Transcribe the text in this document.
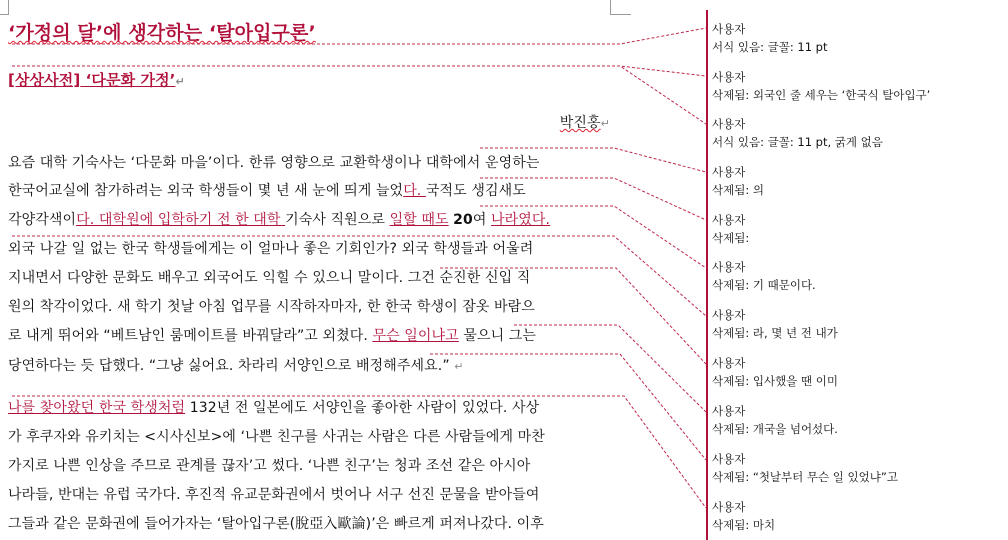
‘가정의 달’에 생각하는 ‘탈아입구론’
[상상사전] ‘다문화 가정’↵
박진홍↵
요즘 대학 기숙사는 ‘다문화 마을’이다. 한류 영향으로 교환학생이나 대학에서 운영하는
한국어교실에 참가하려는 외국 학생들이 몇 년 새 눈에 띄게 늘었다. 국적도 생김새도
각양각색이다. 대학원에 입학하기 전 한 대학 기숙사 직원으로 일할 때도 20여 나라였다.
외국 나갈 일 없는 한국 학생들에게는 이 얼마나 좋은 기회인가? 외국 학생들과 어울려
지내면서 다양한 문화도 배우고 외국어도 익힐 수 있으니 말이다. 그건 순진한 신입 직
원의 착각이었다. 새 학기 첫날 아침 업무를 시작하자마자, 한 한국 학생이 잠옷 바람으
로 내게 뛰어와 “베트남인 룸메이트를 바꿔달라”고 외쳤다. 무슨 일이냐고 물으니 그는
당연하다는 듯 답했다. “그냥 싫어요. 차라리 서양인으로 배정해주세요.” ↵
나를 찾아왔던 한국 학생처럼 132년 전 일본에도 서양인을 좋아한 사람이 있었다. 사상
가 후쿠자와 유키치는 <시사신보>에 ‘나쁜 친구를 사귀는 사람은 다른 사람들에게 마찬
가지로 나쁜 인상을 주므로 관계를 끊자’고 썼다. ‘나쁜 친구’는 청과 조선 같은 아시아
나라들, 반대는 유럽 국가다. 후진적 유교문화권에서 벗어나 서구 선진 문물을 받아들여
그들과 같은 문화권에 들어가자는 ‘탈아입구론(脫亞入歐論)’은 빠르게 퍼져나갔다. 이후
사용자
서식 있음: 글꼴: 11 pt
사용자
삭제됨: 외국인 줄 세우는 ‘한국식 탈아입구’
사용자
서식 있음: 글꼴: 11 pt, 굵게 없음
사용자
삭제됨: 의
사용자
삭제됨:
사용자
삭제됨: 기 때문이다.
사용자
삭제됨: 라, 몇 년 전 내가
사용자
삭제됨: 입사했을 땐 이미
사용자
삭제됨: 개국을 넘어섰다.
사용자
삭제됨: “첫날부터 무슨 일 있었냐”고
사용자
삭제됨: 마치
